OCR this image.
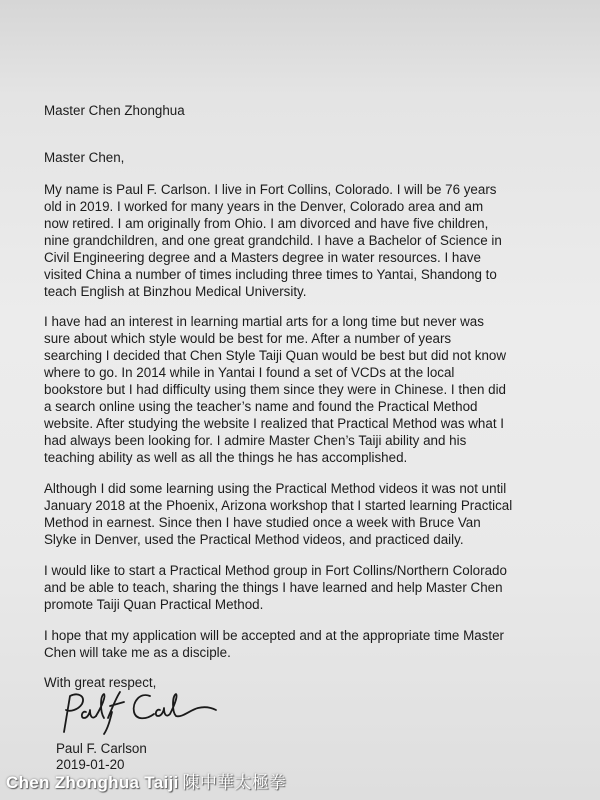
Master Chen Zhonghua
Master Chen,
My name is Paul F. Carlson. I live in Fort Collins, Colorado. I will be 76 years
old in 2019. I worked for many years in the Denver, Colorado area and am
now retired. I am originally from Ohio. I am divorced and have five children,
nine grandchildren, and one great grandchild. I have a Bachelor of Science in
Civil Engineering degree and a Masters degree in water resources. I have
visited China a number of times including three times to Yantai, Shandong to
teach English at Binzhou Medical University.
I have had an interest in learning martial arts for a long time but never was
sure about which style would be best for me. After a number of years
searching I decided that Chen Style Taiji Quan would be best but did not know
where to go. In 2014 while in Yantai I found a set of VCDs at the local
bookstore but I had difficulty using them since they were in Chinese. I then did
a search online using the teacher’s name and found the Practical Method
website. After studying the website I realized that Practical Method was what I
had always been looking for. I admire Master Chen’s Taiji ability and his
teaching ability as well as all the things he has accomplished.
Although I did some learning using the Practical Method videos it was not until
January 2018 at the Phoenix, Arizona workshop that I started learning Practical
Method in earnest. Since then I have studied once a week with Bruce Van
Slyke in Denver, used the Practical Method videos, and practiced daily.
I would like to start a Practical Method group in Fort Collins/Northern Colorado
and be able to teach, sharing the things I have learned and help Master Chen
promote Taiji Quan Practical Method.
I hope that my application will be accepted and at the appropriate time Master
Chen will take me as a disciple.
With great respect,
Paul F. Carlson
2019-01-20
Chen Zhonghua Taiji 陳中華太極拳
